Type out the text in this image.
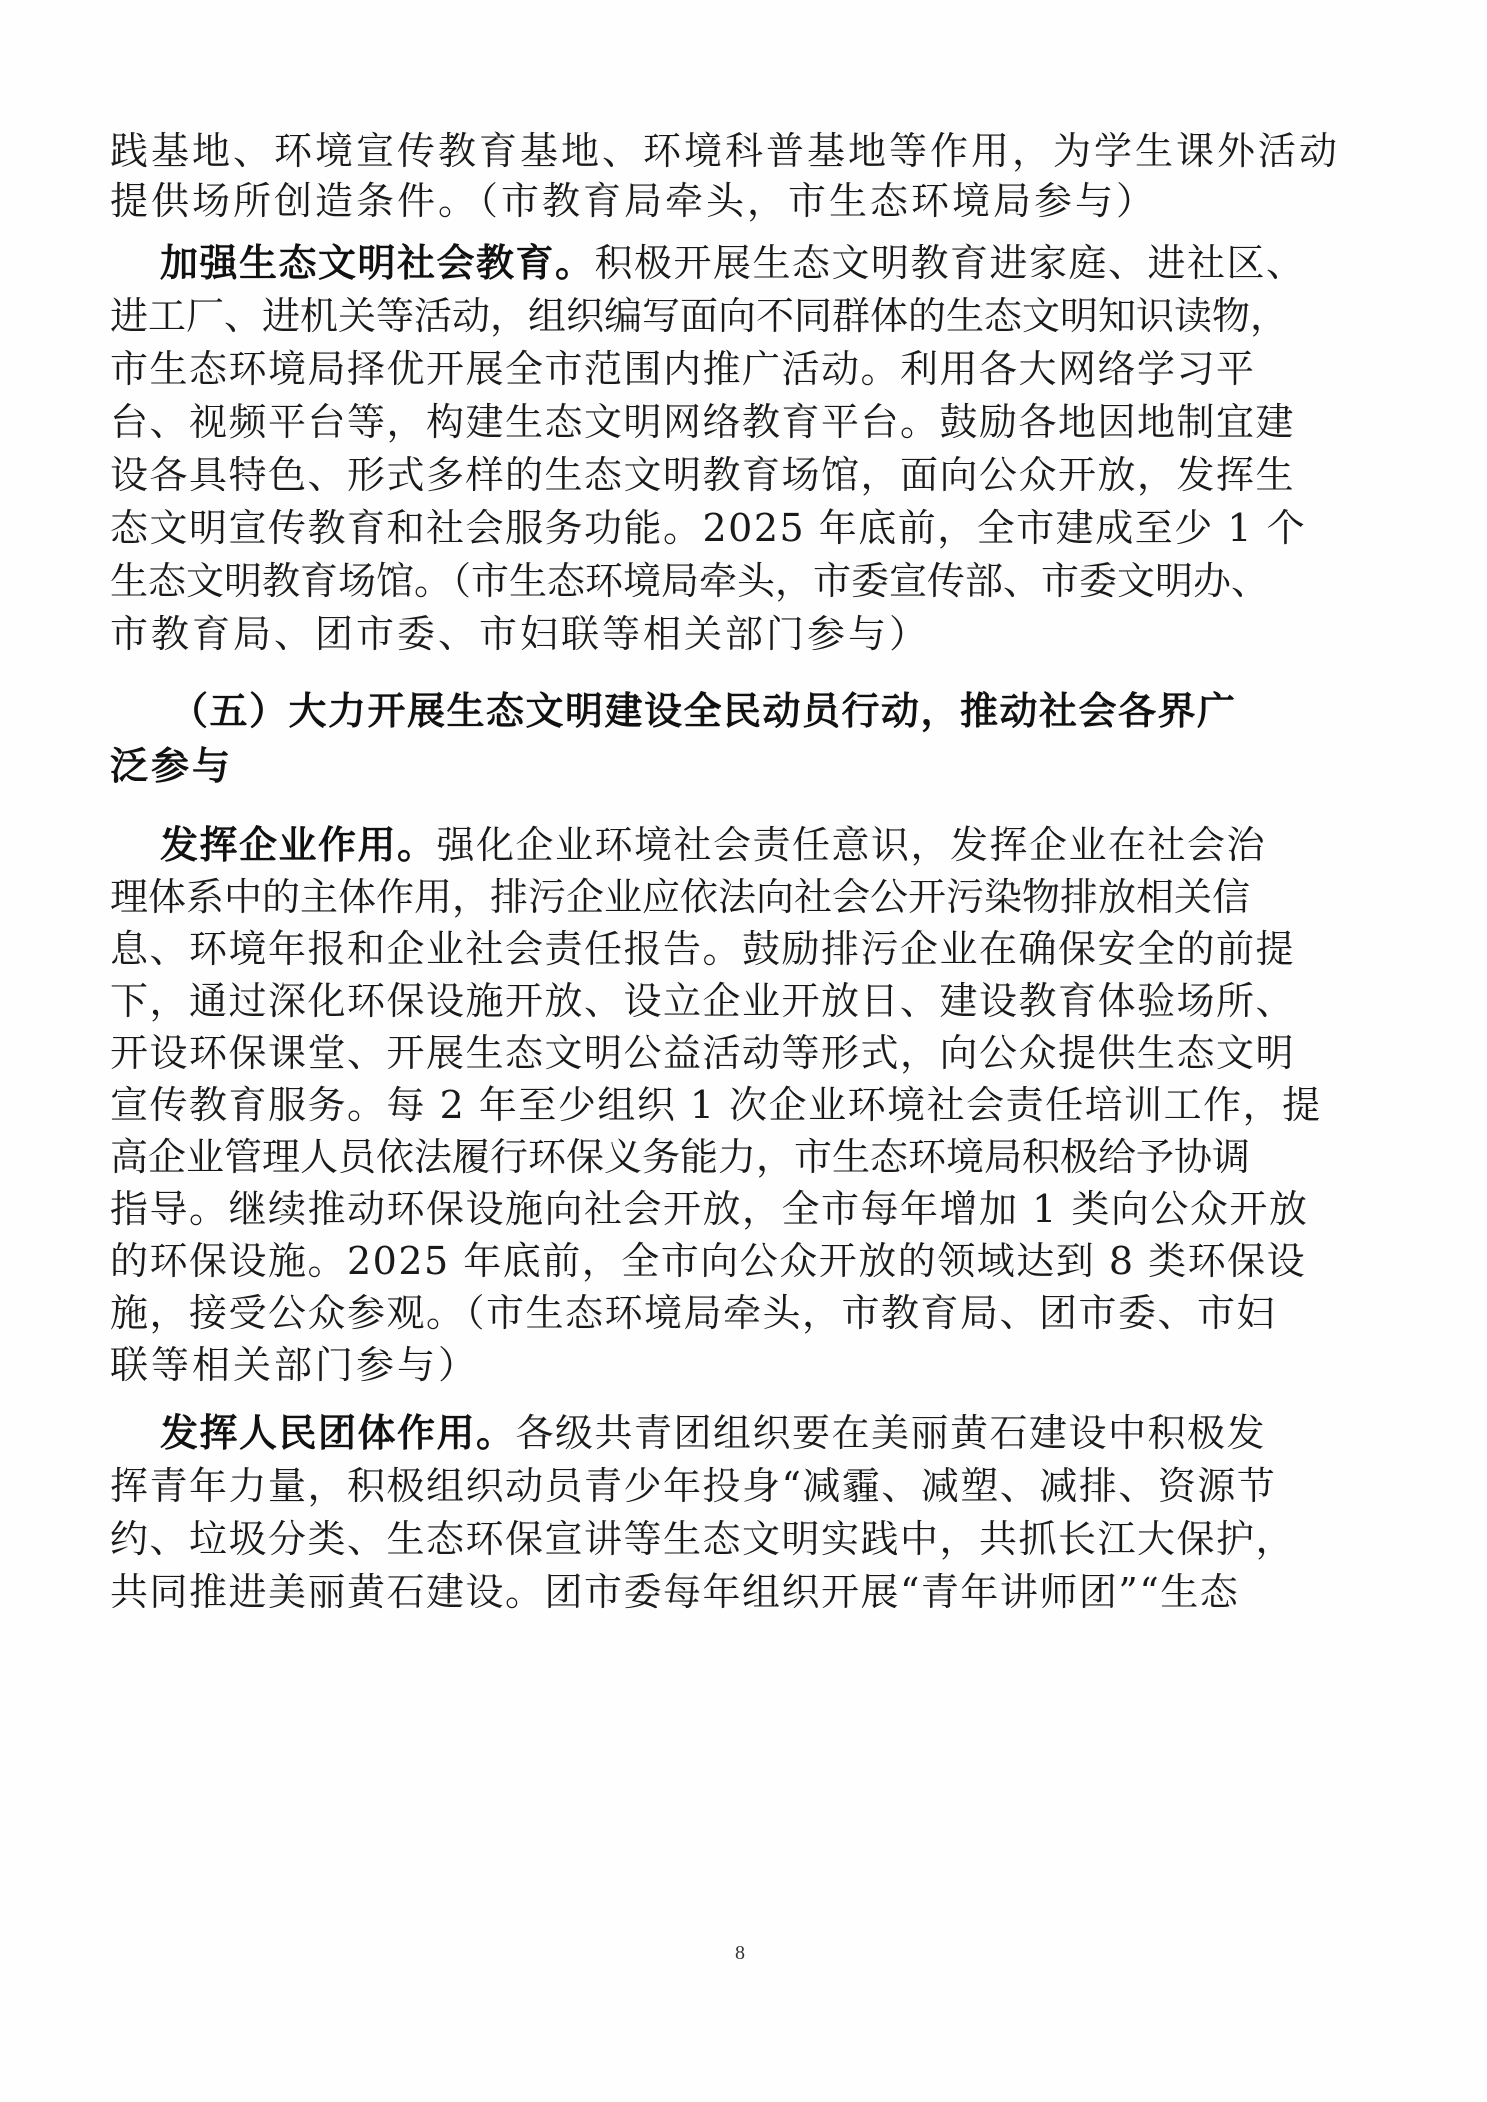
践基地、环境宣传教育基地、环境科普基地等作用，为学生课外活动
提供场所创造条件。（市教育局牵头，市生态环境局参与）
加强生态文明社会教育。积极开展生态文明教育进家庭、进社区、
进工厂、进机关等活动，组织编写面向不同群体的生态文明知识读物，
市生态环境局择优开展全市范围内推广活动。利用各大网络学习平
台、视频平台等，构建生态文明网络教育平台。鼓励各地因地制宜建
设各具特色、形式多样的生态文明教育场馆，面向公众开放，发挥生
态文明宣传教育和社会服务功能。2025 年底前，全市建成至少 1 个
生态文明教育场馆。（市生态环境局牵头，市委宣传部、市委文明办、
市教育局、团市委、市妇联等相关部门参与）
（五）大力开展生态文明建设全民动员行动，推动社会各界广
泛参与
发挥企业作用。强化企业环境社会责任意识，发挥企业在社会治
理体系中的主体作用，排污企业应依法向社会公开污染物排放相关信
息、环境年报和企业社会责任报告。鼓励排污企业在确保安全的前提
下，通过深化环保设施开放、设立企业开放日、建设教育体验场所、
开设环保课堂、开展生态文明公益活动等形式，向公众提供生态文明
宣传教育服务。每 2 年至少组织 1 次企业环境社会责任培训工作，提
高企业管理人员依法履行环保义务能力，市生态环境局积极给予协调
指导。继续推动环保设施向社会开放，全市每年增加 1 类向公众开放
的环保设施。2025 年底前，全市向公众开放的领域达到 8 类环保设
施，接受公众参观。（市生态环境局牵头，市教育局、团市委、市妇
联等相关部门参与）
发挥人民团体作用。各级共青团组织要在美丽黄石建设中积极发
挥青年力量，积极组织动员青少年投身“减霾、减塑、减排、资源节
约、垃圾分类、生态环保宣讲等生态文明实践中，共抓长江大保护，
共同推进美丽黄石建设。团市委每年组织开展“青年讲师团”“生态
8
